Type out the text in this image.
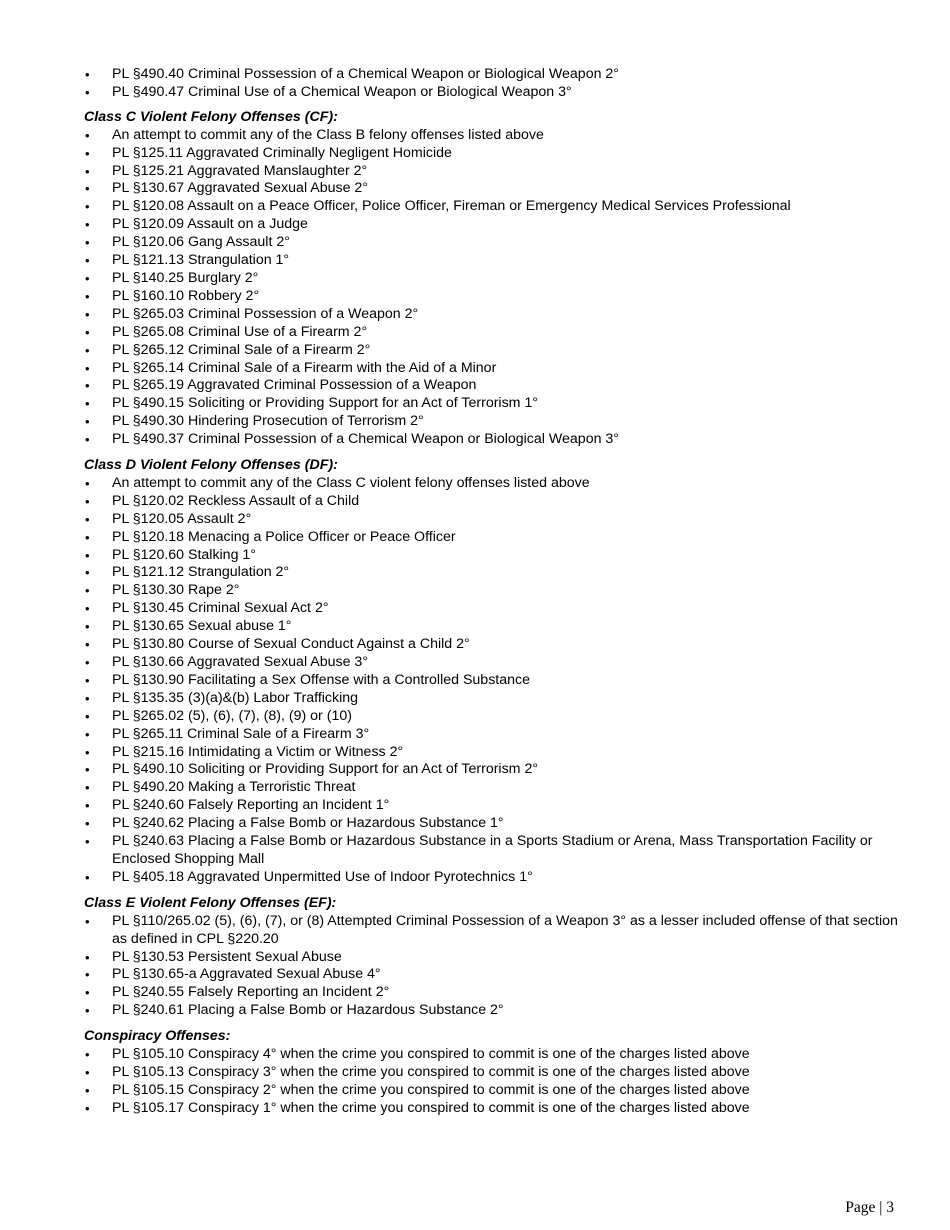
• PL §490.40 Criminal Possession of a Chemical Weapon or Biological Weapon 2°
• PL §490.47 Criminal Use of a Chemical Weapon or Biological Weapon 3°

Class C Violent Felony Offenses (CF):

• An attempt to commit any of the Class B felony offenses listed above
• PL §125.11 Aggravated Criminally Negligent Homicide
• PL §125.21 Aggravated Manslaughter 2°
• PL §130.67 Aggravated Sexual Abuse 2°
• PL §120.08 Assault on a Peace Officer, Police Officer, Fireman or Emergency Medical Services Professional
• PL §120.09 Assault on a Judge
• PL §120.06 Gang Assault 2°
• PL §121.13 Strangulation 1°
• PL §140.25 Burglary 2°
• PL §160.10 Robbery 2°
• PL §265.03 Criminal Possession of a Weapon 2°
• PL §265.08 Criminal Use of a Firearm 2°
• PL §265.12 Criminal Sale of a Firearm 2°
• PL §265.14 Criminal Sale of a Firearm with the Aid of a Minor
• PL §265.19 Aggravated Criminal Possession of a Weapon
• PL §490.15 Soliciting or Providing Support for an Act of Terrorism 1°
• PL §490.30 Hindering Prosecution of Terrorism 2°
• PL §490.37 Criminal Possession of a Chemical Weapon or Biological Weapon 3°

Class D Violent Felony Offenses (DF):

• An attempt to commit any of the Class C violent felony offenses listed above
• PL §120.02 Reckless Assault of a Child
• PL §120.05 Assault 2°
• PL §120.18 Menacing a Police Officer or Peace Officer
• PL §120.60 Stalking 1°
• PL §121.12 Strangulation 2°
• PL §130.30 Rape 2°
• PL §130.45 Criminal Sexual Act 2°
• PL §130.65 Sexual abuse 1°
• PL §130.80 Course of Sexual Conduct Against a Child 2°
• PL §130.66 Aggravated Sexual Abuse 3°
• PL §130.90 Facilitating a Sex Offense with a Controlled Substance
• PL §135.35 (3)(a)&(b) Labor Trafficking
• PL §265.02 (5), (6), (7), (8), (9) or (10)
• PL §265.11 Criminal Sale of a Firearm 3°
• PL §215.16 Intimidating a Victim or Witness 2°
• PL §490.10 Soliciting or Providing Support for an Act of Terrorism 2°
• PL §490.20 Making a Terroristic Threat
• PL §240.60 Falsely Reporting an Incident 1°
• PL §240.62 Placing a False Bomb or Hazardous Substance 1°
• PL §240.63 Placing a False Bomb or Hazardous Substance in a Sports Stadium or Arena, Mass Transportation Facility or Enclosed Shopping Mall
• PL §405.18 Aggravated Unpermitted Use of Indoor Pyrotechnics 1°

Class E Violent Felony Offenses (EF):

• PL §110/265.02 (5), (6), (7), or (8) Attempted Criminal Possession of a Weapon 3° as a lesser included offense of that section as defined in CPL §220.20
• PL §130.53 Persistent Sexual Abuse
• PL §130.65-a Aggravated Sexual Abuse 4°
• PL §240.55 Falsely Reporting an Incident 2°
• PL §240.61 Placing a False Bomb or Hazardous Substance 2°

Conspiracy Offenses:

• PL §105.10 Conspiracy 4° when the crime you conspired to commit is one of the charges listed above
• PL §105.13 Conspiracy 3° when the crime you conspired to commit is one of the charges listed above
• PL §105.15 Conspiracy 2° when the crime you conspired to commit is one of the charges listed above
• PL §105.17 Conspiracy 1° when the crime you conspired to commit is one of the charges listed above
Page | 3
